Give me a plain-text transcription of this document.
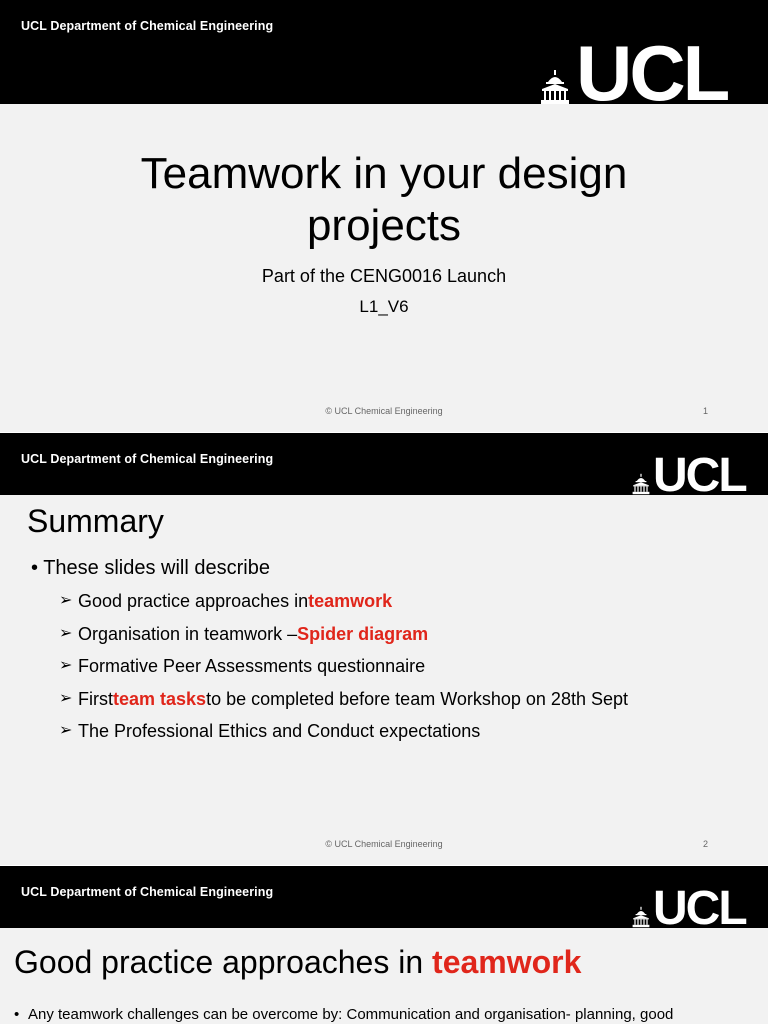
UCL Department of Chemical Engineering
UCL
Teamwork in your design
projects
Part of the CENG0016 Launch
L1_V6
© UCL Chemical Engineering	1
UCL Department of Chemical Engineering	UCL
Summary
• These slides will describe
➢ Good practice approaches in teamwork
➢ Organisation in teamwork – Spider diagram
➢ Formative Peer Assessments questionnaire
➢ First team tasks to be completed before team Workshop on 28th Sept
➢ The Professional Ethics and Conduct expectations
© UCL Chemical Engineering	2
UCL Department of Chemical Engineering	UCL
Good practice approaches in teamwork
• Any teamwork challenges can be overcome by: Communication and organisation- planning, good
